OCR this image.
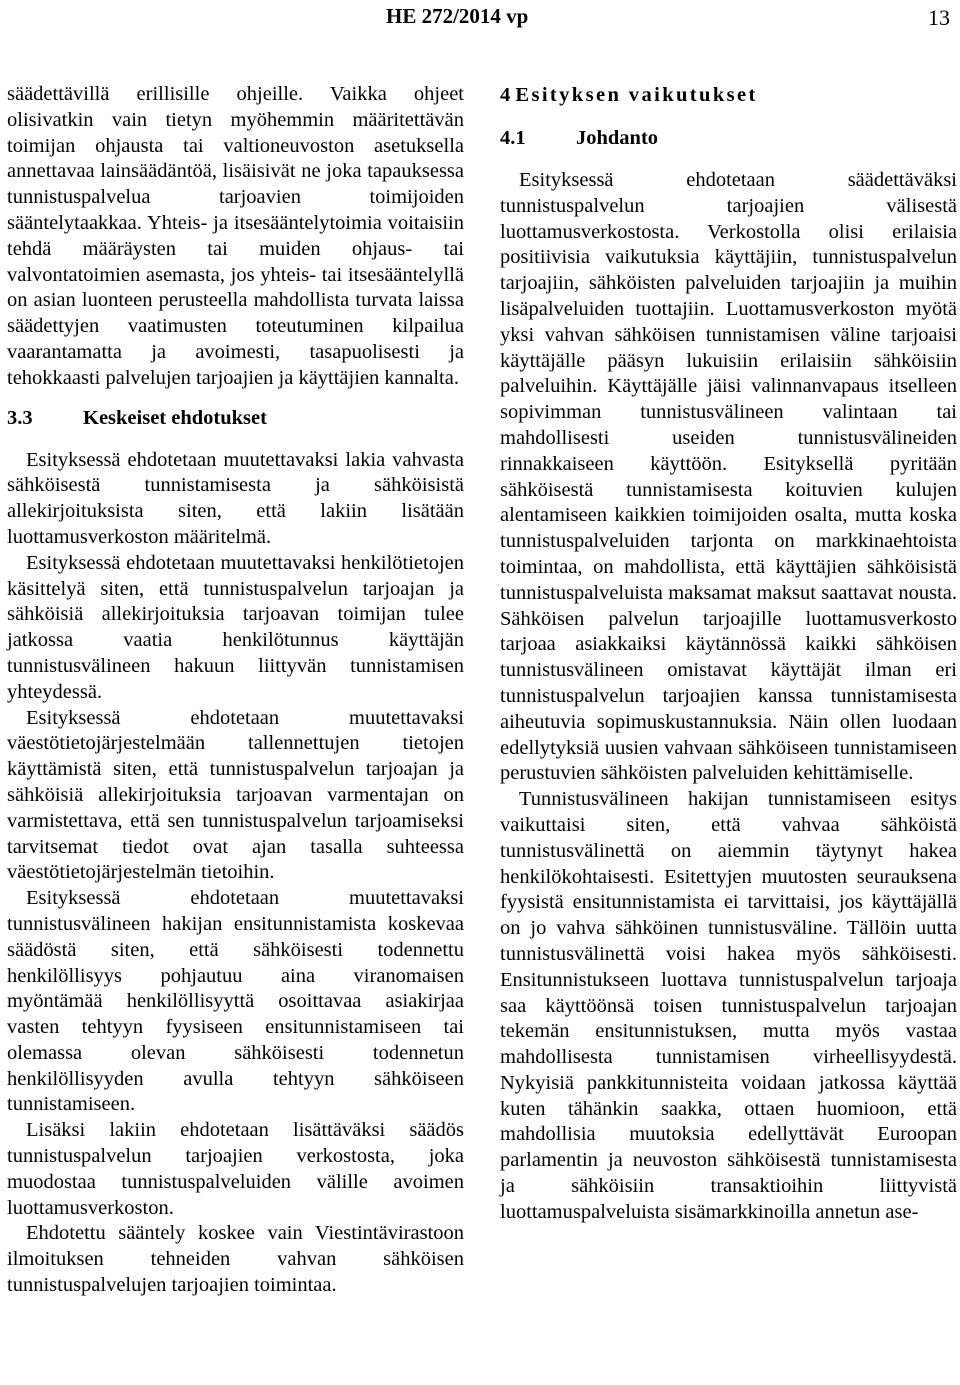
HE 272/2014 vp	13

säädettävillä erillisille ohjeille. Vaikka ohjeet olisivatkin vain tietyn myöhemmin määritettävän toimijan ohjausta tai valtioneuvoston asetuksella annettavaa lainsäädäntöä, lisäisivät ne joka tapauksessa tunnistuspalvelua tarjoavien toimijoiden sääntelytaakkaa. Yhteis- ja itsesääntelytoimia voitaisiin tehdä määräysten tai muiden ohjaus- tai valvontatoimien asemasta, jos yhteis- tai itsesääntelyllä on asian luonteen perusteella mahdollista turvata laissa säädettyjen vaatimusten toteutuminen kilpailua vaarantamatta ja avoimesti, tasapuolisesti ja tehokkaasti palvelujen tarjoajien ja käyttäjien kannalta.

3.3 Keskeiset ehdotukset

Esityksessä ehdotetaan muutettavaksi lakia vahvasta sähköisestä tunnistamisesta ja sähköisistä allekirjoituksista siten, että lakiin lisätään luottamusverkoston määritelmä.

Esityksessä ehdotetaan muutettavaksi henkilötietojen käsittelyä siten, että tunnistuspalvelun tarjoajan ja sähköisiä allekirjoituksia tarjoavan toimijan tulee jatkossa vaatia henkilötunnus käyttäjän tunnistusvälineen hakuun liittyvän tunnistamisen yhteydessä.

Esityksessä ehdotetaan muutettavaksi väestötietojärjestelmään tallennettujen tietojen käyttämistä siten, että tunnistuspalvelun tarjoajan ja sähköisiä allekirjoituksia tarjoavan varmentajan on varmistettava, että sen tunnistuspalvelun tarjoamiseksi tarvitsemat tiedot ovat ajan tasalla suhteessa väestötietojärjestelmän tietoihin.

Esityksessä ehdotetaan muutettavaksi tunnistusvälineen hakijan ensitunnistamista koskevaa säädöstä siten, että sähköisesti todennettu henkilöllisyys pohjautuu aina viranomaisen myöntämää henkilöllisyyttä osoittavaa asiakirjaa vasten tehtyyn fyysiseen ensitunnistamiseen tai olemassa olevan sähköisesti todennetun henkilöllisyyden avulla tehtyyn sähköiseen tunnistamiseen.

Lisäksi lakiin ehdotetaan lisättäväksi säädös tunnistuspalvelun tarjoajien verkostosta, joka muodostaa tunnistuspalveluiden välille avoimen luottamusverkoston.

Ehdotettu sääntely koskee vain Viestintävirastoon ilmoituksen tehneiden vahvan sähköisen tunnistuspalvelujen tarjoajien toimintaa.

4 Esityksen vaikutukset
4.1 Johdanto

Esityksessä ehdotetaan säädettäväksi tunnistuspalvelun tarjoajien välisestä luottamusverkostosta. Verkostolla olisi erilaisia positiivisia vaikutuksia käyttäjiin, tunnistuspalvelun tarjoajiin, sähköisten palveluiden tarjoajiin ja muihin lisäpalveluiden tuottajiin. Luottamusverkoston myötä yksi vahvan sähköisen tunnistamisen väline tarjoaisi käyttäjälle pääsyn lukuisiin erilaisiin sähköisiin palveluihin. Käyttäjälle jäisi valinnanvapaus itselleen sopivimman tunnistusvälineen valintaan tai mahdollisesti useiden tunnistusvälineiden rinnakkaiseen käyttöön. Esityksellä pyritään sähköisestä tunnistamisesta koituvien kulujen alentamiseen kaikkien toimijoiden osalta, mutta koska tunnistuspalveluiden tarjonta on markkinaehtoista toimintaa, on mahdollista, että käyttäjien sähköisistä tunnistuspalveluista maksamat maksut saattavat nousta. Sähköisen palvelun tarjoajille luottamusverkosto tarjoaa asiakkaiksi käytännössä kaikki sähköisen tunnistusvälineen omistavat käyttäjät ilman eri tunnistuspalvelun tarjoajien kanssa tunnistamisesta aiheutuvia sopimuskustannuksia. Näin ollen luodaan edellytyksiä uusien vahvaan sähköiseen tunnistamiseen perustuvien sähköisten palveluiden kehittämiselle.

Tunnistusvälineen hakijan tunnistamiseen esitys vaikuttaisi siten, että vahvaa sähköistä tunnistusvälinettä on aiemmin täytynyt hakea henkilökohtaisesti. Esitettyjen muutosten seurauksena fyysistä ensitunnistamista ei tarvittaisi, jos käyttäjällä on jo vahva sähköinen tunnistusväline. Tällöin uutta tunnistusvälinettä voisi hakea myös sähköisesti. Ensitunnistukseen luottava tunnistuspalvelun tarjoaja saa käyttöönsä toisen tunnistuspalvelun tarjoajan tekemän ensitunnistuksen, mutta myös vastaa mahdollisesta tunnistamisen virheellisyydestä. Nykyisiä pankkitunnisteita voidaan jatkossa käyttää kuten tähänkin saakka, ottaen huomioon, että mahdollisia muutoksia edellyttävät Euroopan parlamentin ja neuvoston sähköisestä tunnistamisesta ja sähköisiin transaktioihin liittyvistä luottamuspalveluista sisämarkkinoilla annetun ase-
